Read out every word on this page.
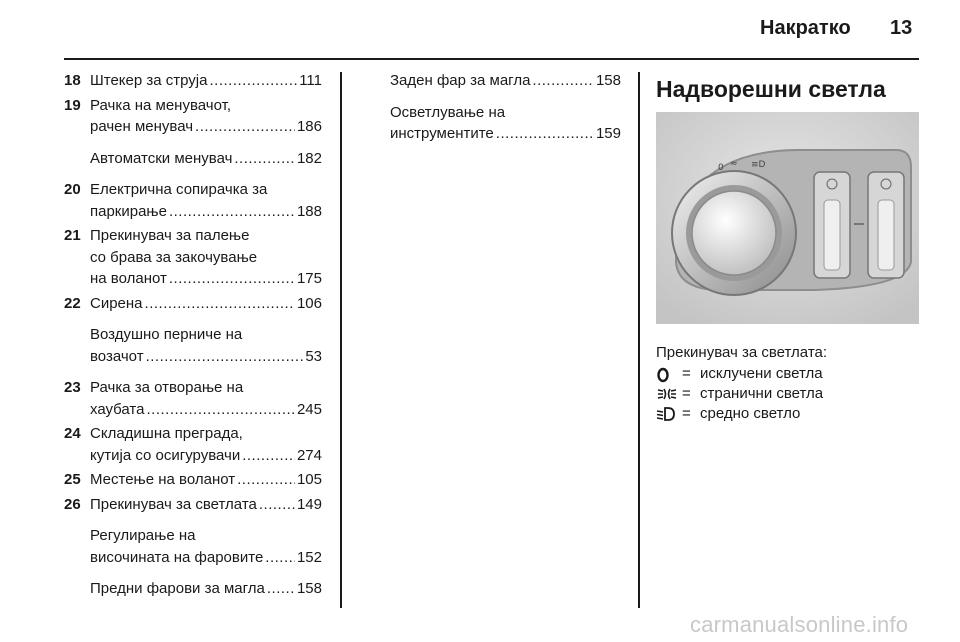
Накратко 13
18 Штекер за струја .....	111
19 Рачка на менувачот,
рачен менувач .....	186
Автоматски менувач .....	182
20 Електрична сопирачка за
паркирање .....	188
21 Прекинувач за палење
со брава за закочување
на воланот .....	175
22 Сирена .....	106
Воздушно перниче на
возачот .....	53
23 Рачка за отворање на
хаубата .....	245
24 Складишна преграда,
кутија со осигурувачи .....	274
25 Местење на воланот .....	105
26 Прекинувач за светлата .....	149
Регулирање на
височината на фаровите ..... 152
Предни фарови за магла ..... 158
Заден фар за магла .....	158
Осветлување на
инструментите .....	159
Надворешни светла
0 ≈ ≡D
Прекинувач за светлата:
= исклучени светла
= странични светла
= средно светло
carmanualsonline.info
